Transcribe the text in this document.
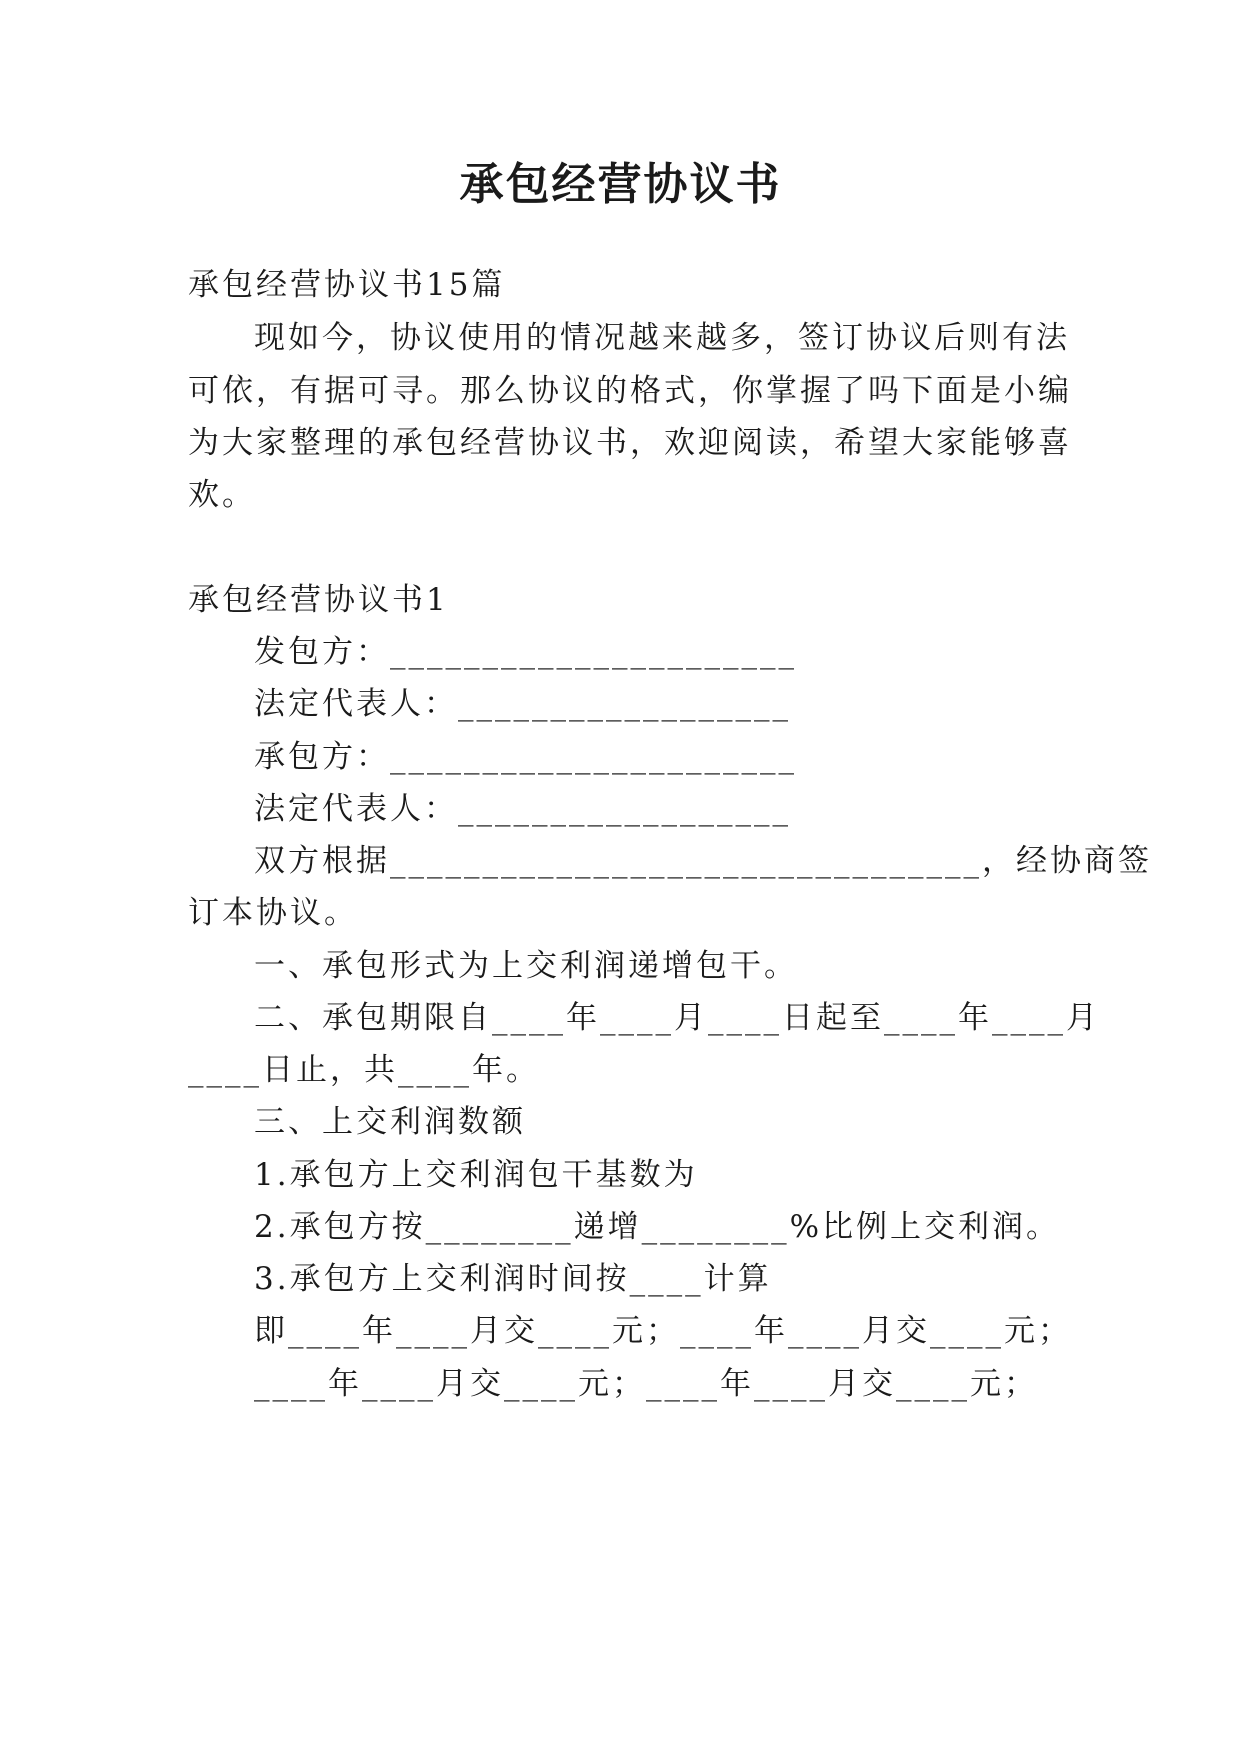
承包经营协议书
承包经营协议书15篇
现如今，协议使用的情况越来越多，签订协议后则有法
可依，有据可寻。那么协议的格式，你掌握了吗下面是小编
为大家整理的承包经营协议书，欢迎阅读，希望大家能够喜
欢。
承包经营协议书1
发包方：______________________
法定代表人：__________________
承包方：______________________
法定代表人：__________________
双方根据________________________________，经协商签
订本协议。
一、承包形式为上交利润递增包干。
二、承包期限自____年____月____日起至____年____月
____日止，共____年。
三、上交利润数额
1.承包方上交利润包干基数为
2.承包方按________递增________%比例上交利润。
3.承包方上交利润时间按____计算
即____年____月交____元；____年____月交____元；
____年____月交____元；____年____月交____元；
